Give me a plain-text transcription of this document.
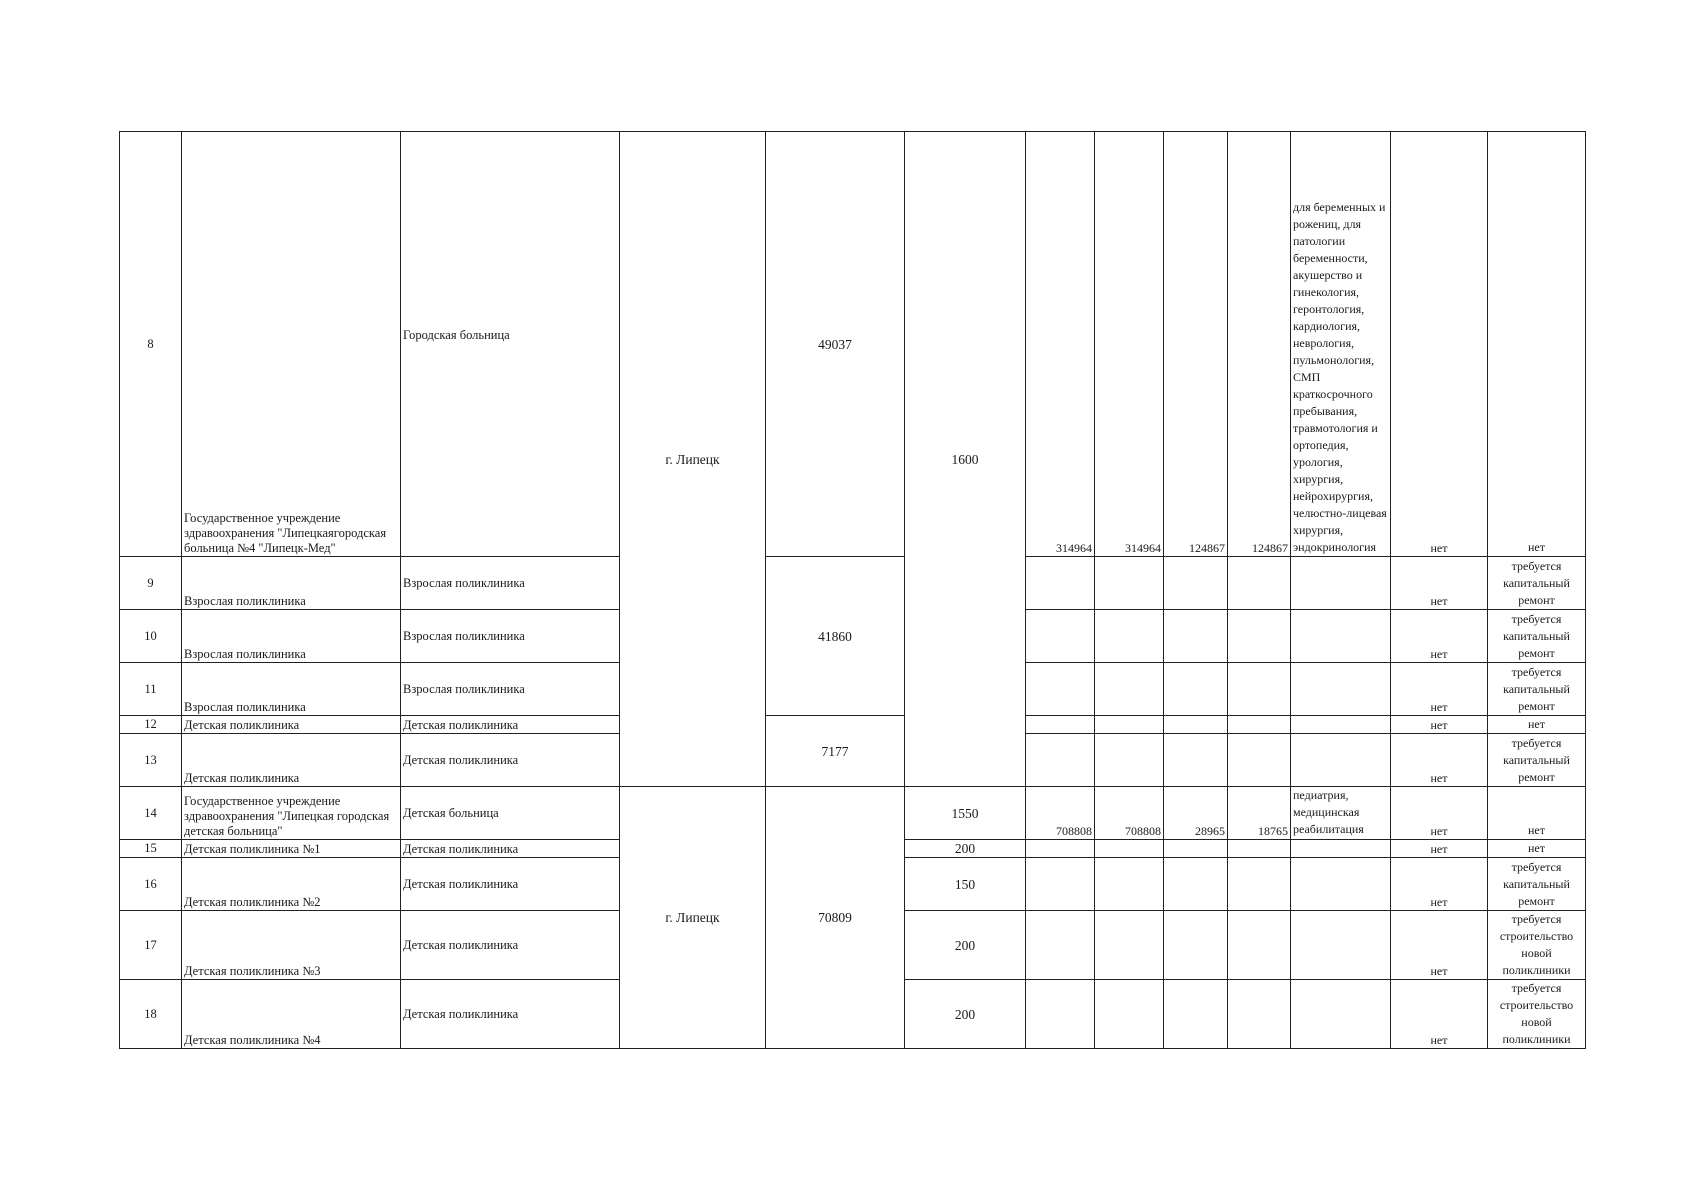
8	Государственное учреждение здравоохранения "Липецкаягородская больница №4 "Липецк-Мед"	Городская больница	г. Липецк	49037	1600	314964	314964	124867	124867	для беременных и рожениц, для патологии беременности, акушерство и гинекология, геронтология, кардиология, неврология, пульмонология, СМП краткосрочного пребывания, травмотология и ортопедия, урология, хирургия, нейрохирургия, челюстно-лицевая хирургия, эндокринология	нет	нет
9	Взрослая поликлиника	Взрослая поликлиника		41860							нет	требуется капитальный ремонт
10	Взрослая поликлиника	Взрослая поликлиника									нет	требуется капитальный ремонт
11	Взрослая поликлиника	Взрослая поликлиника									нет	требуется капитальный ремонт
12	Детская поликлиника	Детская поликлиника		7177							нет	нет
13	Детская поликлиника	Детская поликлиника									нет	требуется капитальный ремонт
14	Государственное учреждение здравоохранения "Липецкая городская детская больница"	Детская больница	г. Липецк	70809	1550	708808	708808	28965	18765	педиатрия, медицинская реабилитация	нет	нет
15	Детская поликлиника №1	Детская поликлиника			200						нет	нет
16	Детская поликлиника №2	Детская поликлиника			150						нет	требуется капитальный ремонт
17	Детская поликлиника №3	Детская поликлиника			200						нет	требуется строительство новой поликлиники
18	Детская поликлиника №4	Детская поликлиника			200						нет	требуется строительство новой поликлиники
